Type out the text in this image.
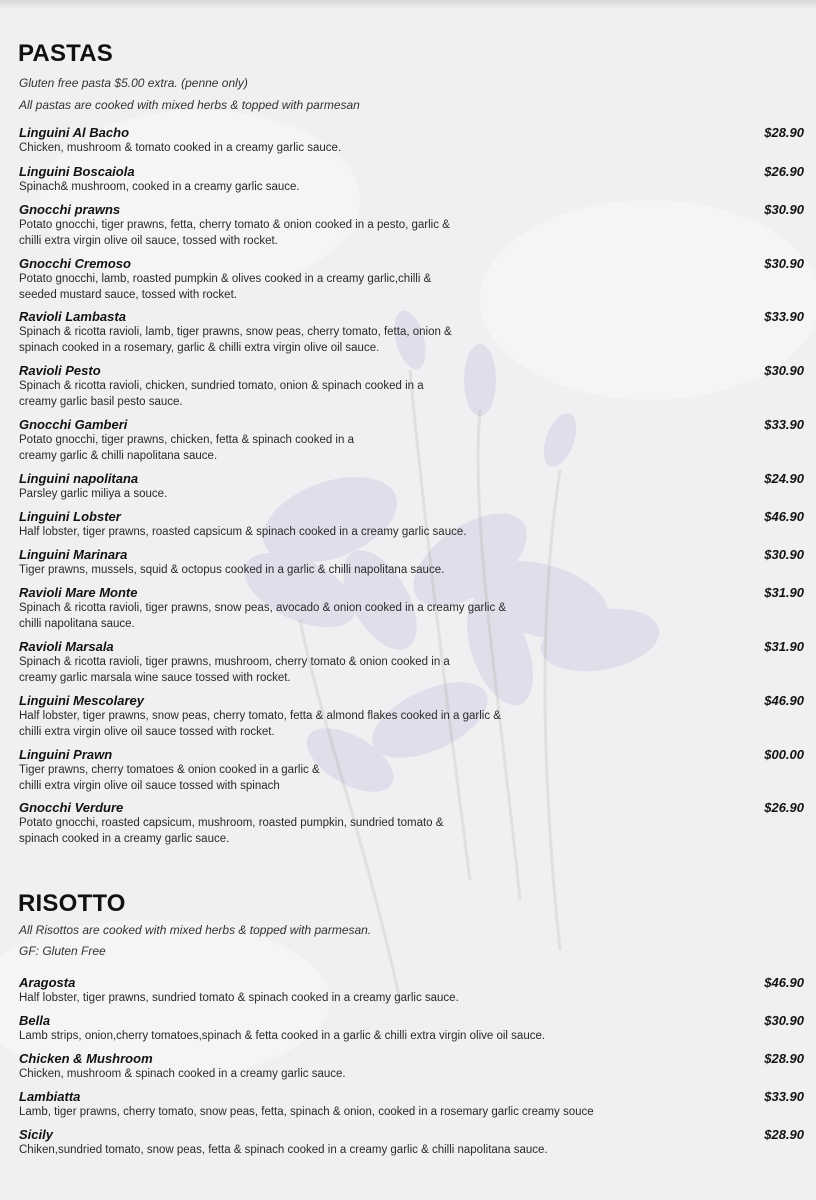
PASTAS
Gluten free pasta $5.00 extra. (penne only)
All pastas are cooked with mixed herbs & topped with parmesan
Linguini Al Bacho
Chicken, mushroom & tomato cooked in a creamy garlic sauce.
$28.90
Linguini Boscaiola
Spinach& mushroom, cooked in a creamy garlic sauce.
$26.90
Gnocchi prawns
Potato gnocchi, tiger prawns, fetta, cherry tomato & onion cooked in a pesto, garlic &
chilli extra virgin olive oil sauce, tossed with rocket.
$30.90
Gnocchi Cremoso
Potato gnocchi, lamb, roasted pumpkin & olives cooked in a creamy garlic,chilli &
seeded mustard sauce, tossed with rocket.
$30.90
Ravioli Lambasta
Spinach & ricotta ravioli, lamb, tiger prawns, snow peas, cherry tomato, fetta, onion &
spinach cooked in a rosemary, garlic & chilli extra virgin olive oil sauce.
$33.90
Ravioli Pesto
Spinach & ricotta ravioli, chicken, sundried tomato, onion & spinach cooked in a
creamy garlic basil pesto sauce.
$30.90
Gnocchi Gamberi
Potato gnocchi, tiger prawns, chicken, fetta & spinach cooked in a
creamy garlic & chilli napolitana sauce.
$33.90
Linguini napolitana
Parsley garlic miliya a souce.
$24.90
Linguini Lobster
Half lobster, tiger prawns, roasted capsicum & spinach cooked in a creamy garlic sauce.
$46.90
Linguini Marinara
Tiger prawns, mussels, squid & octopus cooked in a garlic & chilli napolitana sauce.
$30.90
Ravioli Mare Monte
Spinach & ricotta ravioli, tiger prawns, snow peas, avocado & onion cooked in a creamy garlic &
chilli napolitana sauce.
$31.90
Ravioli Marsala
Spinach & ricotta ravioli, tiger prawns, mushroom, cherry tomato & onion cooked in a
creamy garlic marsala wine sauce tossed with rocket.
$31.90
Linguini Mescolarey
Half lobster, tiger prawns, snow peas, cherry tomato, fetta & almond flakes cooked in a garlic &
chilli extra virgin olive oil sauce tossed with rocket.
$46.90
Linguini Prawn
Tiger prawns, cherry tomatoes & onion cooked in a garlic &
chilli extra virgin olive oil sauce tossed with spinach
$00.00
Gnocchi Verdure
Potato gnocchi, roasted capsicum, mushroom, roasted pumpkin, sundried tomato &
spinach cooked in a creamy garlic sauce.
$26.90
RISOTTO
All Risottos are cooked with mixed herbs & topped with parmesan.
GF: Gluten Free
Aragosta
Half lobster, tiger prawns, sundried tomato & spinach cooked in a creamy garlic sauce.
$46.90
Bella
Lamb strips, onion,cherry tomatoes,spinach & fetta cooked in a garlic & chilli extra virgin olive oil sauce.
$30.90
Chicken & Mushroom
Chicken, mushroom & spinach cooked in a creamy garlic sauce.
$28.90
Lambiatta
Lamb, tiger prawns, cherry tomato, snow peas, fetta, spinach & onion, cooked in a rosemary garlic creamy souce
$33.90
Sicily
Chiken,sundried tomato, snow peas, fetta & spinach cooked in a creamy garlic & chilli napolitana sauce.
$28.90
